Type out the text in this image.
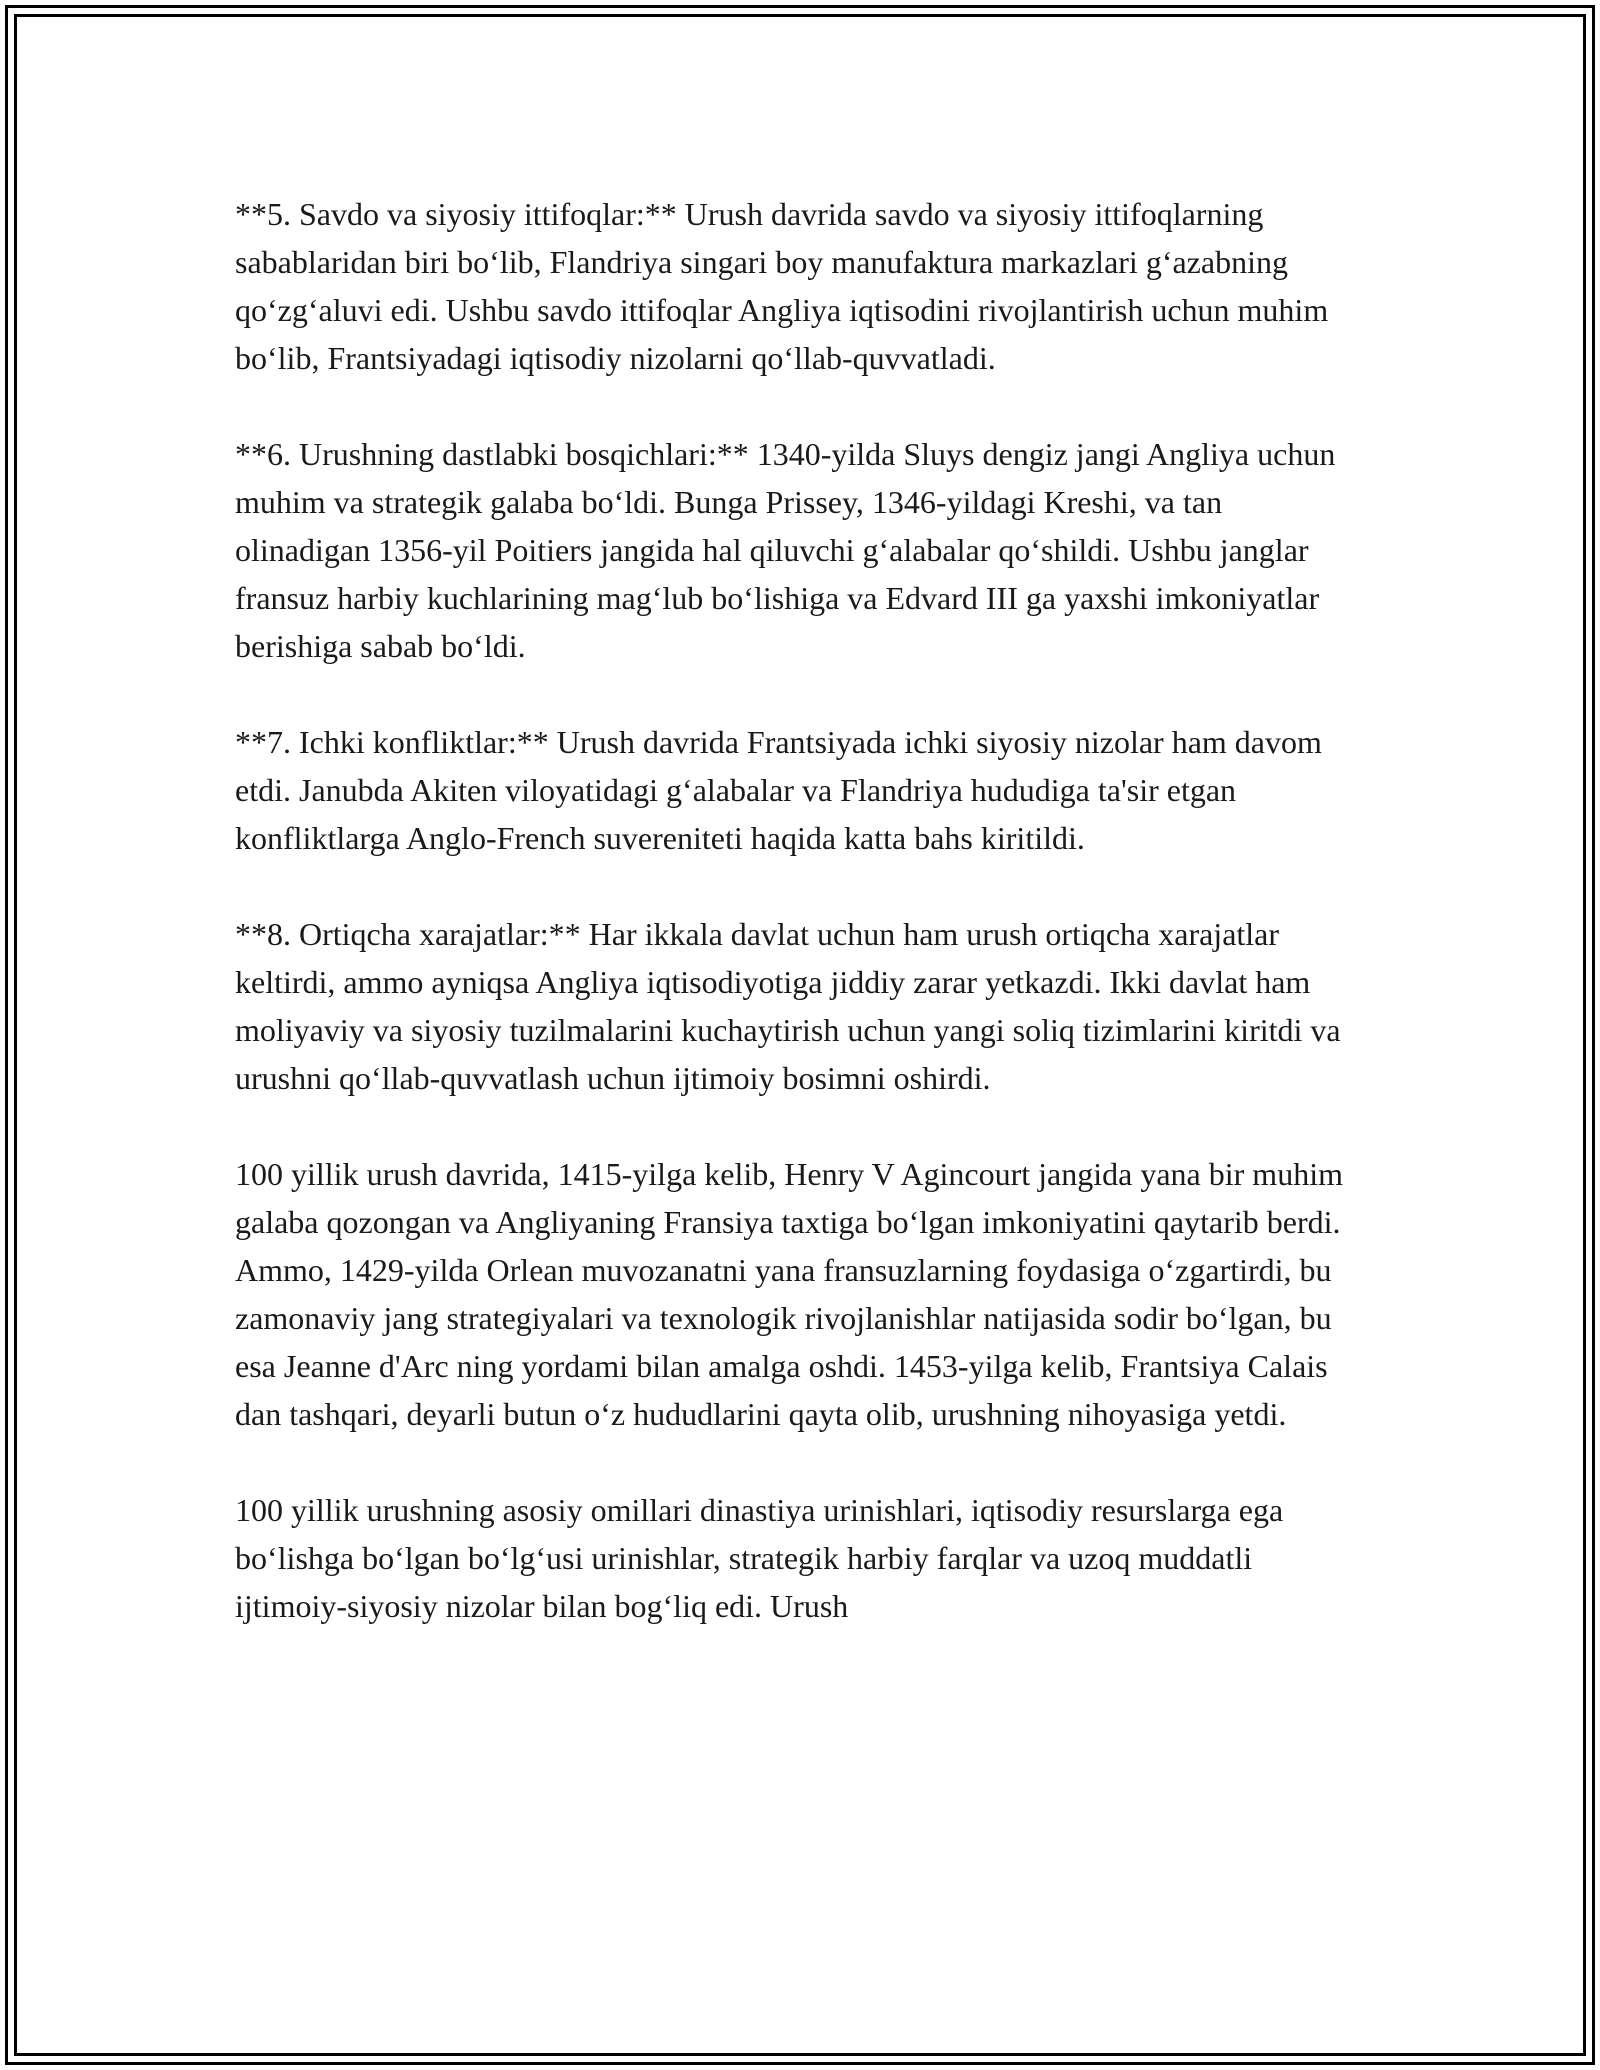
**5. Savdo va siyosiy ittifoqlar:** Urush davrida savdo va siyosiy ittifoqlarning sabablaridan biri boʻlib, Flandriya singari boy manufaktura markazlari gʻazabning qoʻzgʻaluvi edi. Ushbu savdo ittifoqlar Angliya iqtisodini rivojlantirish uchun muhim boʻlib, Frantsiyadagi iqtisodiy nizolarni qoʻllab-quvvatladi.

**6. Urushning dastlabki bosqichlari:** 1340-yilda Sluys dengiz jangi Angliya uchun muhim va strategik galaba boʻldi. Bunga Prissey, 1346-yildagi Kreshi, va tan olinadigan 1356-yil Poitiers jangida hal qiluvchi gʻalabalar qoʻshildi. Ushbu janglar fransuz harbiy kuchlarining magʻlub boʻlishiga va Edvard III ga yaxshi imkoniyatlar berishiga sabab boʻldi.

**7. Ichki konfliktlar:** Urush davrida Frantsiyada ichki siyosiy nizolar ham davom etdi. Janubda Akiten viloyatidagi gʻalabalar va Flandriya hududiga ta'sir etgan konfliktlarga Anglo-French suvereniteti haqida katta bahs kiritildi.

**8. Ortiqcha xarajatlar:** Har ikkala davlat uchun ham urush ortiqcha xarajatlar keltirdi, ammo ayniqsa Angliya iqtisodiyotiga jiddiy zarar yetkazdi. Ikki davlat ham moliyaviy va siyosiy tuzilmalarini kuchaytirish uchun yangi soliq tizimlarini kiritdi va urushni qoʻllab-quvvatlash uchun ijtimoiy bosimni oshirdi.

100 yillik urush davrida, 1415-yilga kelib, Henry V Agincourt jangida yana bir muhim galaba qozongan va Angliyaning Fransiya taxtiga boʻlgan imkoniyatini qaytarib berdi. Ammo, 1429-yilda Orlean muvozanatni yana fransuzlarning foydasiga oʻzgartirdi, bu zamonaviy jang strategiyalari va texnologik rivojlanishlar natijasida sodir boʻlgan, bu esa Jeanne d'Arc ning yordami bilan amalga oshdi. 1453-yilga kelib, Frantsiya Calais dan tashqari, deyarli butun oʻz hududlarini qayta olib, urushning nihoyasiga yetdi.

100 yillik urushning asosiy omillari dinastiya urinishlari, iqtisodiy resurslarga ega boʻlishga boʻlgan boʻlgʻusi urinishlar, strategik harbiy farqlar va uzoq muddatli ijtimoiy-siyosiy nizolar bilan bogʻliq edi. Urush
